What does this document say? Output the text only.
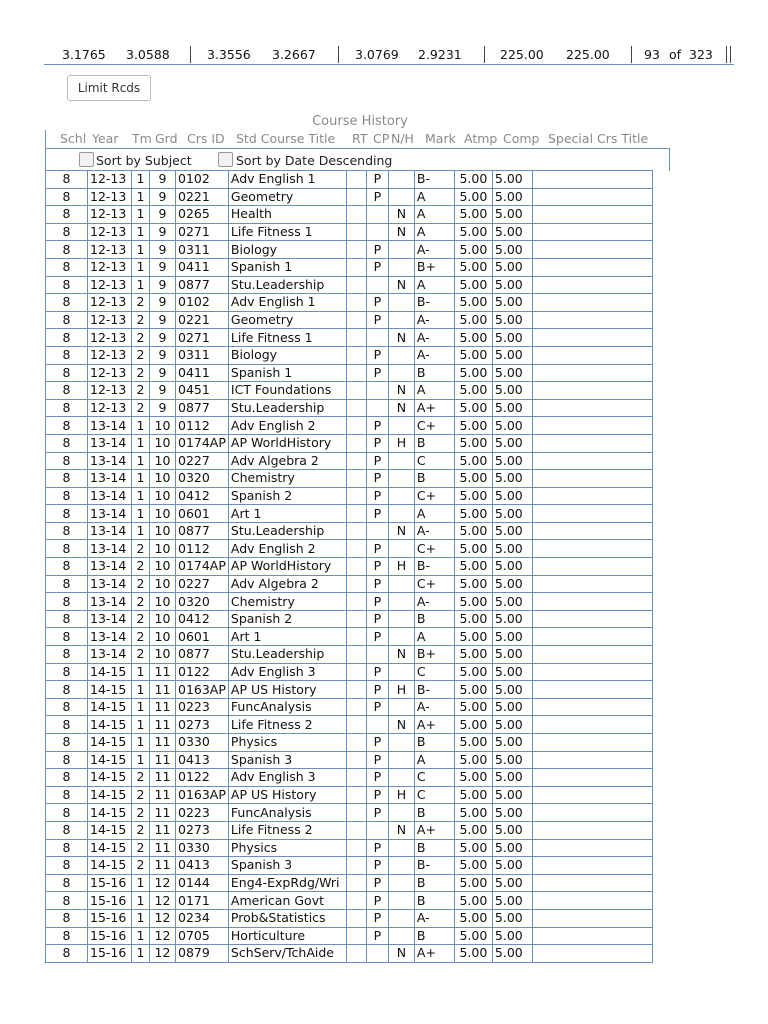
3.1765 3.0588	3.3556 3.2667	3.0769 2.9231	225.00 225.00	93 of 323
Limit Rcds
Course History
Schl Year Tm Grd Crs ID Std Course Title RT CP N/H Mark Atmp Comp Special Crs Title
Sort by Subject	Sort by Date Descending
8	12-13	1	9	0102	Adv English 1		P		B-	5.00	5.00	
8	12-13	1	9	0221	Geometry		P		A	5.00	5.00	
8	12-13	1	9	0265	Health			N	A	5.00	5.00	
8	12-13	1	9	0271	Life Fitness 1			N	A	5.00	5.00	
8	12-13	1	9	0311	Biology		P		A-	5.00	5.00	
8	12-13	1	9	0411	Spanish 1		P		B+	5.00	5.00	
8	12-13	1	9	0877	Stu.Leadership			N	A	5.00	5.00	
8	12-13	2	9	0102	Adv English 1		P		B-	5.00	5.00	
8	12-13	2	9	0221	Geometry		P		A-	5.00	5.00	
8	12-13	2	9	0271	Life Fitness 1			N	A-	5.00	5.00	
8	12-13	2	9	0311	Biology		P		A-	5.00	5.00	
8	12-13	2	9	0411	Spanish 1		P		B	5.00	5.00	
8	12-13	2	9	0451	ICT Foundations			N	A	5.00	5.00	
8	12-13	2	9	0877	Stu.Leadership			N	A+	5.00	5.00	
8	13-14	1	10	0112	Adv English 2		P		C+	5.00	5.00	
8	13-14	1	10	0174AP	AP WorldHistory		P	H	B	5.00	5.00	
8	13-14	1	10	0227	Adv Algebra 2		P		C	5.00	5.00	
8	13-14	1	10	0320	Chemistry		P		B	5.00	5.00	
8	13-14	1	10	0412	Spanish 2		P		C+	5.00	5.00	
8	13-14	1	10	0601	Art 1		P		A	5.00	5.00	
8	13-14	1	10	0877	Stu.Leadership			N	A-	5.00	5.00	
8	13-14	2	10	0112	Adv English 2		P		C+	5.00	5.00	
8	13-14	2	10	0174AP	AP WorldHistory		P	H	B-	5.00	5.00	
8	13-14	2	10	0227	Adv Algebra 2		P		C+	5.00	5.00	
8	13-14	2	10	0320	Chemistry		P		A-	5.00	5.00	
8	13-14	2	10	0412	Spanish 2		P		B	5.00	5.00	
8	13-14	2	10	0601	Art 1		P		A	5.00	5.00	
8	13-14	2	10	0877	Stu.Leadership			N	B+	5.00	5.00	
8	14-15	1	11	0122	Adv English 3		P		C	5.00	5.00	
8	14-15	1	11	0163AP	AP US History		P	H	B-	5.00	5.00	
8	14-15	1	11	0223	FuncAnalysis		P		A-	5.00	5.00	
8	14-15	1	11	0273	Life Fitness 2			N	A+	5.00	5.00	
8	14-15	1	11	0330	Physics		P		B	5.00	5.00	
8	14-15	1	11	0413	Spanish 3		P		A	5.00	5.00	
8	14-15	2	11	0122	Adv English 3		P		C	5.00	5.00	
8	14-15	2	11	0163AP	AP US History		P	H	C	5.00	5.00	
8	14-15	2	11	0223	FuncAnalysis		P		B	5.00	5.00	
8	14-15	2	11	0273	Life Fitness 2			N	A+	5.00	5.00	
8	14-15	2	11	0330	Physics		P		B	5.00	5.00	
8	14-15	2	11	0413	Spanish 3		P		B-	5.00	5.00	
8	15-16	1	12	0144	Eng4-ExpRdg/Wri		P		B	5.00	5.00	
8	15-16	1	12	0171	American Govt		P		B	5.00	5.00	
8	15-16	1	12	0234	Prob&Statistics		P		A-	5.00	5.00	
8	15-16	1	12	0705	Horticulture		P		B	5.00	5.00	
8	15-16	1	12	0879	SchServ/TchAide			N	A+	5.00	5.00	
